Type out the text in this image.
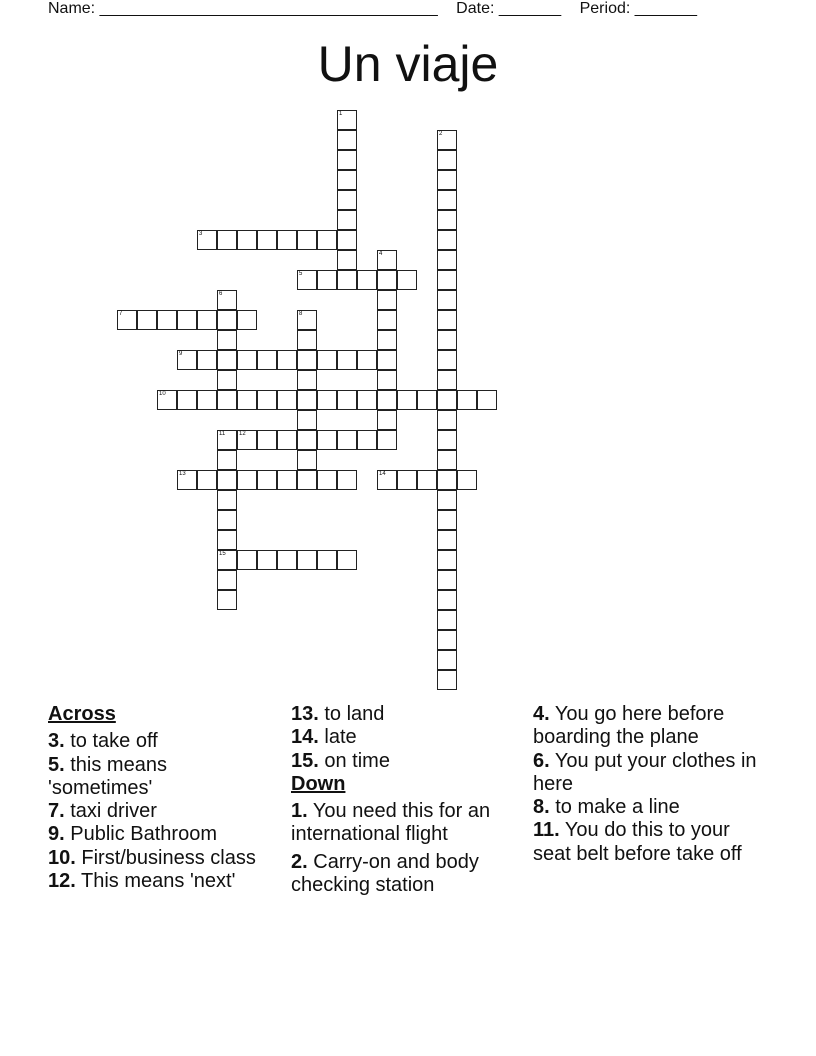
Name: ______________________________________ Date: _______ Period: _______
Un viaje
1
2
3
4
5
6
7	8
9
10
11
15
12
13	14
Across
3. to take off
5. this means 'sometimes'
7. taxi driver
9. Public Bathroom
10. First/business class
12. This means 'next'
13. to land
14. late
15. on time
Down
1. You need this for an international flight
2. Carry-on and body checking station
4. You go here before boarding the plane
6. You put your clothes in here
8. to make a line
11. You do this to your seat belt before take off
